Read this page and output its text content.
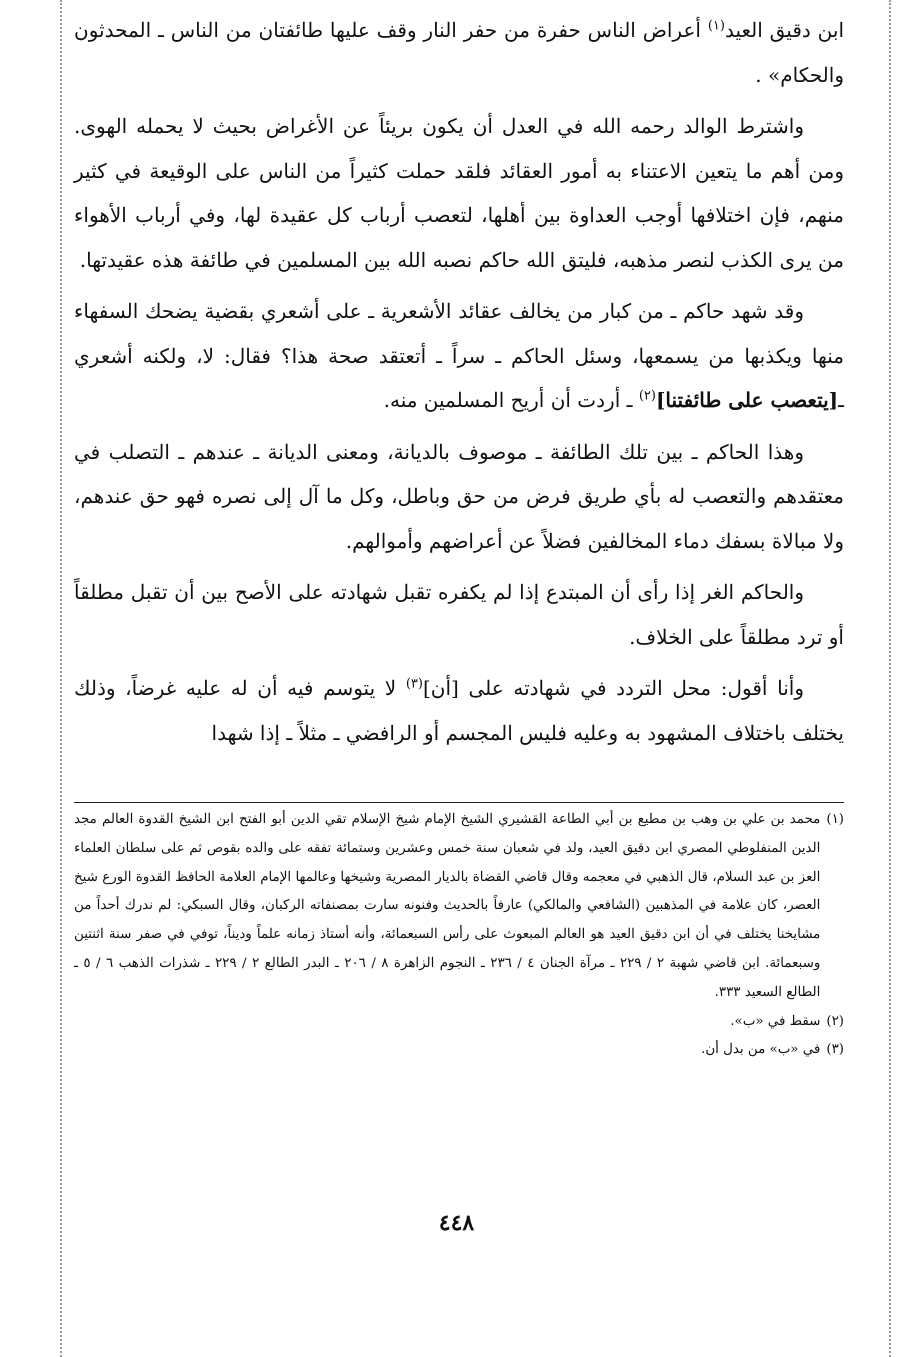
ابن دقيق العيد$^{(١)}$ أعراض الناس حفرة من حفر النار وقف عليها طائفتان من الناس ـ المحدثون والحكام» .

واشترط الوالد رحمه الله في العدل أن يكون بريئاً عن الأغراض بحيث لا يحمله الهوى. ومن أهم ما يتعين الاعتناء به أمور العقائد فلقد حملت كثيراً من الناس على الوقيعة في كثير منهم، فإن اختلافها أوجب العداوة بين أهلها، لتعصب أرباب كل عقيدة لها، وفي أرباب الأهواء من يرى الكذب لنصر مذهبه، فليتق الله حاكم نصبه الله بين المسلمين في طائفة هذه عقيدتها.

وقد شهد حاكم ـ من كبار من يخالف عقائد الأشعرية ـ على أشعري بقضية يضحك السفهاء منها ويكذبها من يسمعها، وسئل الحاكم ـ سراً ـ أتعتقد صحة هذا؟ فقال: لا، ولكنه أشعري ـ[يتعصب على طائفتنا]$^{(٢)}$ ـ أردت أن أريح المسلمين منه.

وهذا الحاكم ـ بين تلك الطائفة ـ موصوف بالديانة، ومعنى الديانة ـ عندهم ـ التصلب في معتقدهم والتعصب له بأي طريق فرض من حق وباطل، وكل ما آل إلى نصره فهو حق عندهم، ولا مبالاة بسفك دماء المخالفين فضلاً عن أعراضهم وأموالهم.

والحاكم الغر إذا رأى أن المبتدع إذا لم يكفره تقبل شهادته على الأصح بين أن تقبل مطلقاً أو ترد مطلقاً على الخلاف.

وأنا أقول: محل التردد في شهادته على [أن]$^{(٣)}$ لا يتوسم فيه أن له عليه غرضاً، وذلك يختلف باختلاف المشهود به وعليه فليس المجسم أو الرافضي ـ مثلاً ـ إذا شهدا

(١)
محمد بن علي بن وهب بن مطيع بن أبي الطاعة القشيري الشيخ الإمام شيخ الإسلام تقي الدين أبو الفتح ابن الشيخ القدوة العالم مجد الدين المنفلوطي المصري ابن دقيق العيد، ولد في شعبان سنة خمس وعشرين وستمائة تفقه على والده بقوص ثم على سلطان العلماء العز بن عبد السلام، قال الذهبي في معجمه وقال قاضي القضاة بالديار المصرية وشيخها وعالمها الإمام العلامة الحافظ القدوة الورع شيخ العصر، كان علامة في المذهبين (الشافعي والمالكي) عارفاً بالحديث وفنونه سارت بمصنفاته الركبان، وقال السبكي: لم ندرك أحداً من مشايخنا يختلف في أن ابن دقيق العيد هو العالم المبعوث على رأس السبعمائة، وأنه أستاذ زمانه علماً وديناً، توفي في صفر سنة اثنتين وسبعمائة. ابن قاضي شهبة ٢ / ٢٢٩ ـ مرآة الجنان ٤ / ٢٣٦ ـ النجوم الزاهرة ٨ / ٢٠٦ ـ البدر الطالع ٢ / ٢٢٩ ـ شذرات الذهب ٦ / ٥ ـ الطالع السعيد ٣٣٣.
(٢)
سقط في «ب».
(٣)
في «ب» من بدل أن.
٤٤٨
